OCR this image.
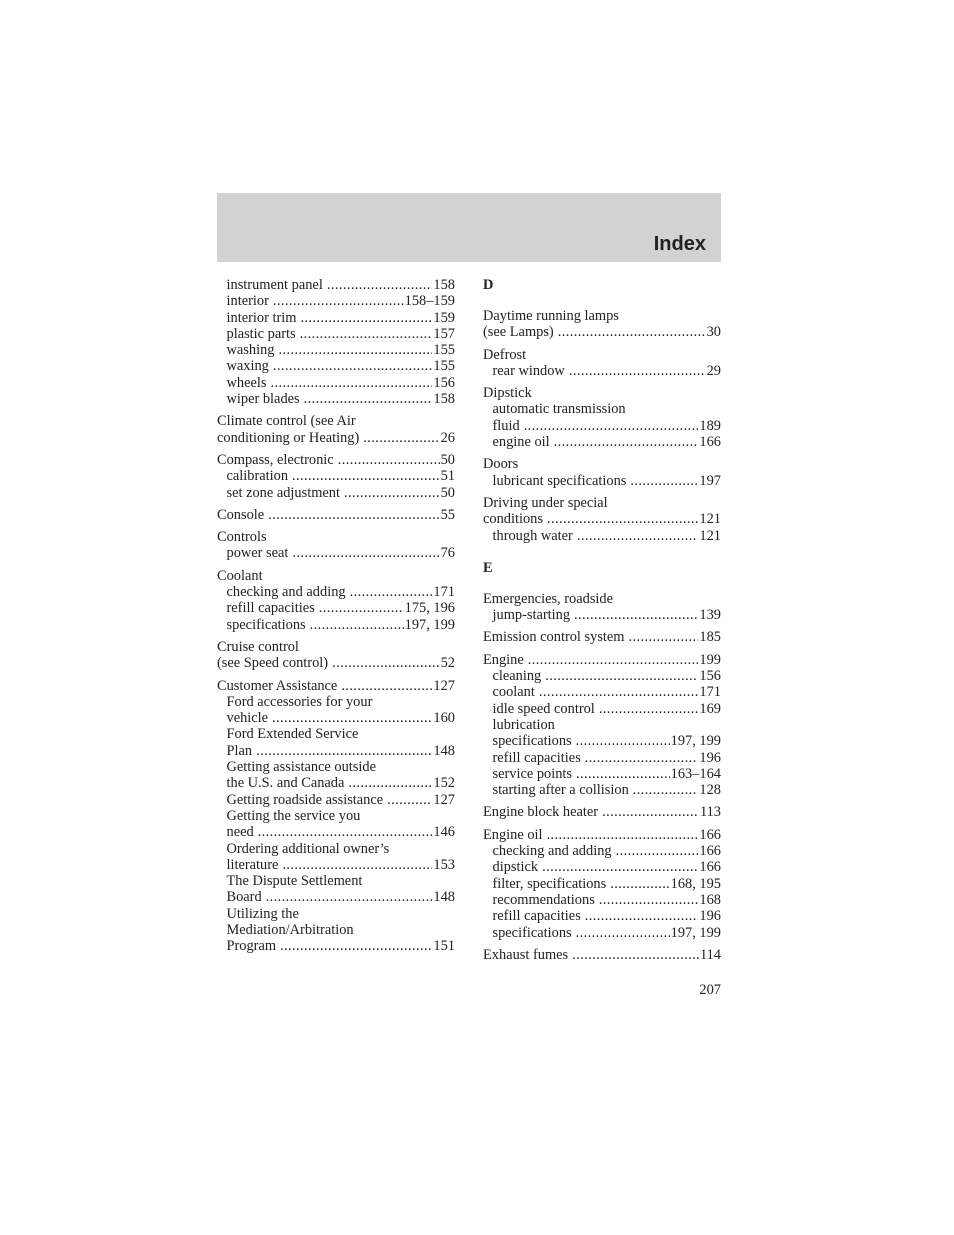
Index
instrument panel .....	158
interior .....	158–159
interior trim .....	159
plastic parts .....	157
washing .....	155
waxing .....	155
wheels .....	156
wiper blades .....	158
Climate control (see Air
conditioning or Heating) .....	26
Compass, electronic .....	50
calibration .....	51
set zone adjustment .....	50
Console .....	55
Controls
power seat .....	76
Coolant
checking and adding .....	171
refill capacities .....	175, 196
specifications .....	197, 199
Cruise control
(see Speed control) .....	52
Customer Assistance .....	127
Ford accessories for your
vehicle .....	160
Ford Extended Service
Plan .....	148
Getting assistance outside
the U.S. and Canada .....	152
Getting roadside assistance .....	127
Getting the service you
need .....	146
Ordering additional owner’s
literature .....	153
The Dispute Settlement
Board .....	148
Utilizing the
Mediation/Arbitration
Program .....	151
D
Daytime running lamps
(see Lamps) .....	30
Defrost
rear window .....	29
Dipstick
automatic transmission
fluid .....	189
engine oil .....	166
Doors
lubricant specifications .....	197
Driving under special
conditions .....	121
through water .....	121
E
Emergencies, roadside
jump-starting .....	139
Emission control system .....	185
Engine .....	199
cleaning .....	156
coolant .....	171
idle speed control .....	169
lubrication
specifications .....	197, 199
refill capacities .....	196
service points .....	163–164
starting after a collision .....	128
Engine block heater .....	113
Engine oil .....	166
checking and adding .....	166
dipstick .....	166
filter, specifications .....	168, 195
recommendations .....	168
refill capacities .....	196
specifications .....	197, 199
Exhaust fumes .....	114
207
